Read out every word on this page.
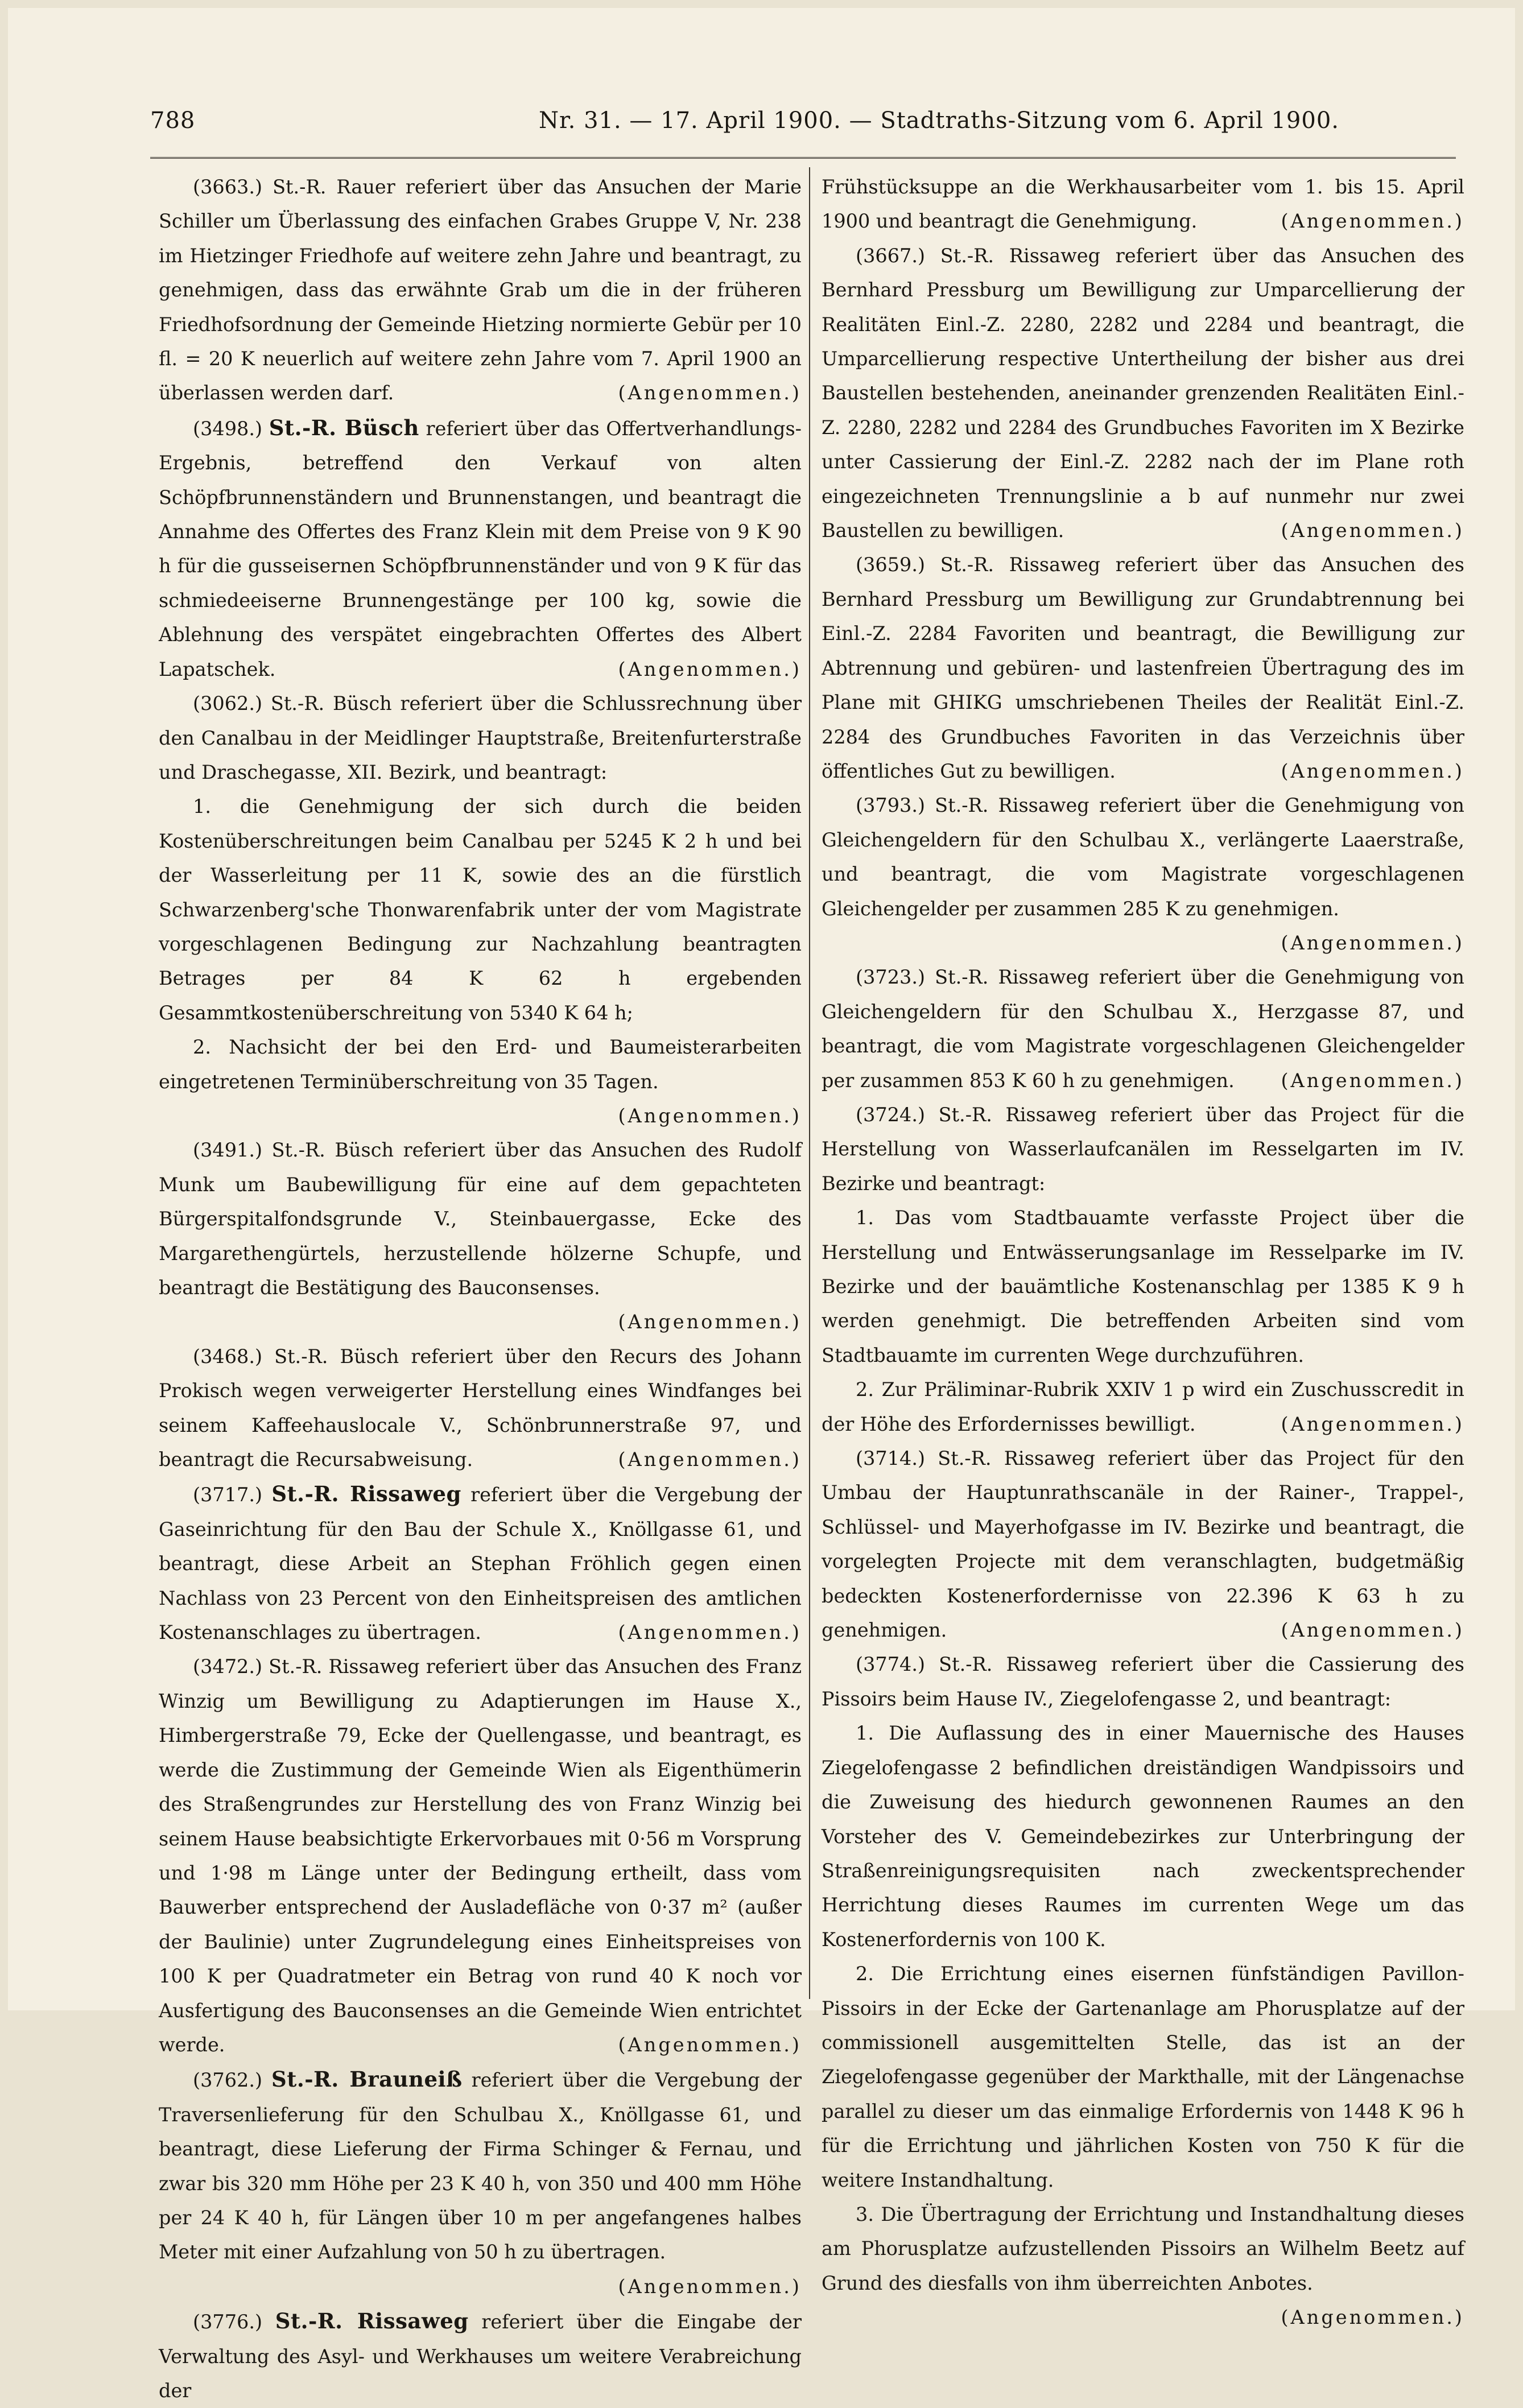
788	Nr. 31. — 17. April 1900. — Stadtraths-Sitzung vom 6. April 1900.

(3663.) St.-R. Rauer referiert über das Ansuchen der Marie Schiller um Überlassung des einfachen Grabes Gruppe V, Nr. 238 im Hietzinger Friedhofe auf weitere zehn Jahre und beantragt, zu genehmigen, dass das erwähnte Grab um die in der früheren Friedhofsordnung der Gemeinde Hietzing normierte Gebür per 10 fl. = 20 K neuerlich auf weitere zehn Jahre vom 7. April 1900 an überlassen werden darf.	(Angenommen.)

(3498.) St.-R. Büsch referiert über das Offertverhandlungs-Ergebnis, betreffend den Verkauf von alten Schöpfbrunnenständern und Brunnenstangen, und beantragt die Annahme des Offertes des Franz Klein mit dem Preise von 9 K 90 h für die gusseisernen Schöpfbrunnenständer und von 9 K für das schmiedeeiserne Brunnengestänge per 100 kg, sowie die Ablehnung des verspätet eingebrachten Offertes des Albert Lapatschek.	(Angenommen.)

(3062.) St.-R. Büsch referiert über die Schlussrechnung über den Canalbau in der Meidlinger Hauptstraße, Breitenfurterstraße und Draschegasse, XII. Bezirk, und beantragt:

1. die Genehmigung der sich durch die beiden Kostenüberschreitungen beim Canalbau per 5245 K 2 h und bei der Wasserleitung per 11 K, sowie des an die fürstlich Schwarzenberg'sche Thonwarenfabrik unter der vom Magistrate vorgeschlagenen Bedingung zur Nachzahlung beantragten Betrages per 84 K 62 h ergebenden Gesammtkostenüberschreitung von 5340 K 64 h;

2. Nachsicht der bei den Erd- und Baumeisterarbeiten eingetretenen Terminüberschreitung von 35 Tagen.
(Angenommen.)

(3491.) St.-R. Büsch referiert über das Ansuchen des Rudolf Munk um Baubewilligung für eine auf dem gepachteten Bürgerspitalfondsgrunde V., Steinbauergasse, Ecke des Margarethengürtels, herzustellende hölzerne Schupfe, und beantragt die Bestätigung des Bauconsenses.
(Angenommen.)

(3468.) St.-R. Büsch referiert über den Recurs des Johann Prokisch wegen verweigerter Herstellung eines Windfanges bei seinem Kaffeehauslocale V., Schönbrunnerstraße 97, und beantragt die Recursabweisung.	(Angenommen.)

(3717.) St.-R. Rissaweg referiert über die Vergebung der Gaseinrichtung für den Bau der Schule X., Knöllgasse 61, und beantragt, diese Arbeit an Stephan Fröhlich gegen einen Nachlass von 23 Percent von den Einheitspreisen des amtlichen Kostenanschlages zu übertragen.	(Angenommen.)

(3472.) St.-R. Rissaweg referiert über das Ansuchen des Franz Winzig um Bewilligung zu Adaptierungen im Hause X., Himbergerstraße 79, Ecke der Quellengasse, und beantragt, es werde die Zustimmung der Gemeinde Wien als Eigenthümerin des Straßengrundes zur Herstellung des von Franz Winzig bei seinem Hause beabsichtigte Erkervorbaues mit 0·56 m Vorsprung und 1·98 m Länge unter der Bedingung ertheilt, dass vom Bauwerber entsprechend der Ausladefläche von 0·37 m² (außer der Baulinie) unter Zugrundelegung eines Einheitspreises von 100 K per Quadratmeter ein Betrag von rund 40 K noch vor Ausfertigung des Bauconsenses an die Gemeinde Wien entrichtet werde.	(Angenommen.)

(3762.) St.-R. Brauneiß referiert über die Vergebung der Traversenlieferung für den Schulbau X., Knöllgasse 61, und beantragt, diese Lieferung der Firma Schinger & Fernau, und zwar bis 320 mm Höhe per 23 K 40 h, von 350 und 400 mm Höhe per 24 K 40 h, für Längen über 10 m per angefangenes halbes Meter mit einer Aufzahlung von 50 h zu übertragen.
(Angenommen.)

(3776.) St.-R. Rissaweg referiert über die Eingabe der Verwaltung des Asyl- und Werkhauses um weitere Verabreichung der

Frühstücksuppe an die Werkhausarbeiter vom 1. bis 15. April 1900 und beantragt die Genehmigung.	(Angenommen.)

(3667.) St.-R. Rissaweg referiert über das Ansuchen des Bernhard Pressburg um Bewilligung zur Umparcellierung der Realitäten Einl.-Z. 2280, 2282 und 2284 und beantragt, die Umparcellierung respective Untertheilung der bisher aus drei Baustellen bestehenden, aneinander grenzenden Realitäten Einl.-Z. 2280, 2282 und 2284 des Grundbuches Favoriten im X Bezirke unter Cassierung der Einl.-Z. 2282 nach der im Plane roth eingezeichneten Trennungslinie a b auf nunmehr nur zwei Baustellen zu bewilligen.	(Angenommen.)

(3659.) St.-R. Rissaweg referiert über das Ansuchen des Bernhard Pressburg um Bewilligung zur Grundabtrennung bei Einl.-Z. 2284 Favoriten und beantragt, die Bewilligung zur Abtrennung und gebüren- und lastenfreien Übertragung des im Plane mit GHIKG umschriebenen Theiles der Realität Einl.-Z. 2284 des Grundbuches Favoriten in das Verzeichnis über öffentliches Gut zu bewilligen.	(Angenommen.)

(3793.) St.-R. Rissaweg referiert über die Genehmigung von Gleichengeldern für den Schulbau X., verlängerte Laaerstraße, und beantragt, die vom Magistrate vorgeschlagenen Gleichengelder per zusammen 285 K zu genehmigen.
(Angenommen.)

(3723.) St.-R. Rissaweg referiert über die Genehmigung von Gleichengeldern für den Schulbau X., Herzgasse 87, und beantragt, die vom Magistrate vorgeschlagenen Gleichengelder per zusammen 853 K 60 h zu genehmigen.	(Angenommen.)

(3724.) St.-R. Rissaweg referiert über das Project für die Herstellung von Wasserlaufcanälen im Resselgarten im IV. Bezirke und beantragt:

1. Das vom Stadtbauamte verfasste Project über die Herstellung und Entwässerungsanlage im Resselparke im IV. Bezirke und der bauämtliche Kostenanschlag per 1385 K 9 h werden genehmigt. Die betreffenden Arbeiten sind vom Stadtbauamte im currenten Wege durchzuführen.

2. Zur Präliminar-Rubrik XXIV 1 p wird ein Zuschusscredit in der Höhe des Erfordernisses bewilligt.	(Angenommen.)

(3714.) St.-R. Rissaweg referiert über das Project für den Umbau der Hauptunrathscanäle in der Rainer-, Trappel-, Schlüssel- und Mayerhofgasse im IV. Bezirke und beantragt, die vorgelegten Projecte mit dem veranschlagten, budgetmäßig bedeckten Kostenerfordernisse von 22.396 K 63 h zu genehmigen.	(Angenommen.)

(3774.) St.-R. Rissaweg referiert über die Cassierung des Pissoirs beim Hause IV., Ziegelofengasse 2, und beantragt:

1. Die Auflassung des in einer Mauernische des Hauses Ziegelofengasse 2 befindlichen dreiständigen Wandpissoirs und die Zuweisung des hiedurch gewonnenen Raumes an den Vorsteher des V. Gemeindebezirkes zur Unterbringung der Straßenreinigungsrequisiten nach zweckentsprechender Herrichtung dieses Raumes im currenten Wege um das Kostenerfordernis von 100 K.

2. Die Errichtung eines eisernen fünfständigen Pavillon-Pissoirs in der Ecke der Gartenanlage am Phorusplatze auf der commissionell ausgemittelten Stelle, das ist an der Ziegelofengasse gegenüber der Markthalle, mit der Längenachse parallel zu dieser um das einmalige Erfordernis von 1448 K 96 h für die Errichtung und jährlichen Kosten von 750 K für die weitere Instandhaltung.

3. Die Übertragung der Errichtung und Instandhaltung dieses am Phorusplatze aufzustellenden Pissoirs an Wilhelm Beetz auf Grund des diesfalls von ihm überreichten Anbotes.
(Angenommen.)
